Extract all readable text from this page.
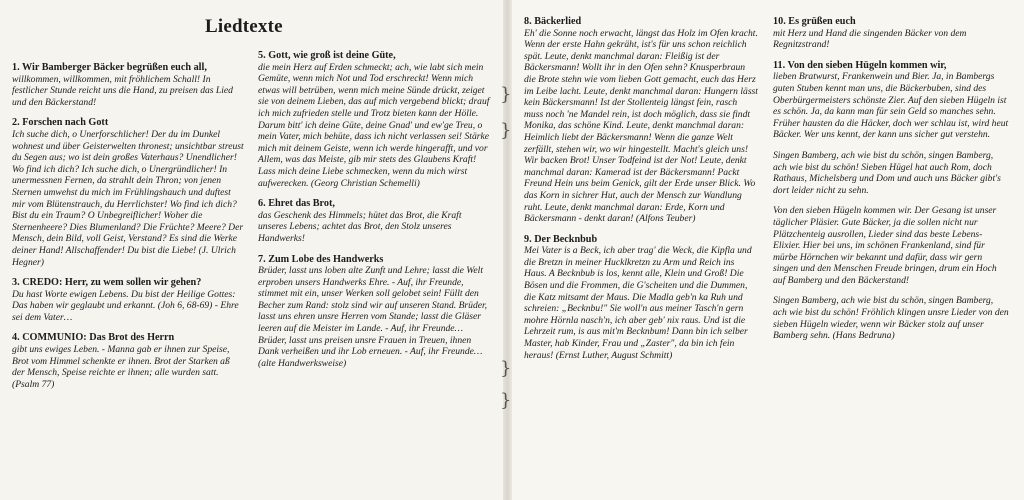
Liedtexte

1. Wir Bamberger Bäcker begrüßen euch all,

willkommen, willkommen, mit fröhlichem Schall! In festlicher Stunde reicht uns die Hand, zu preisen das Lied und den Bäckerstand!

2. Forschen nach Gott

Ich suche dich, o Unerforschlicher! Der du im Dunkel wohnest und über Geisterwelten thronest; unsichtbar streust du Segen aus; wo ist dein großes Vaterhaus? Unendlicher! Wo find ich dich? Ich suche dich, o Unergründlicher! In unermessnen Fernen, da strahlt dein Thron; von jenen Sternen umwehst du mich im Frühlingshauch und duftest mir vom Blütenstrauch, du Herrlichster! Wo find ich dich? Bist du ein Traum? O Unbegreiflicher! Woher die Sternenheere? Dies Blumenland? Die Früchte? Meere? Der Mensch, dein Bild, voll Geist, Verstand? Es sind die Werke deiner Hand! Allschaffender! Du bist die Liebe! (J. Ulrich Hegner)

3. CREDO: Herr, zu wem sollen wir gehen?

Du hast Worte ewigen Lebens. Du bist der Heilige Gottes: Das haben wir geglaubt und erkannt. (Joh 6, 68-69) - Ehre sei dem Vater…

4. COMMUNIO: Das Brot des Herrn

gibt uns ewiges Leben. - Manna gab er ihnen zur Speise, Brot vom Himmel schenkte er ihnen. Brot der Starken aß der Mensch, Speise reichte er ihnen; alle wurden satt. (Psalm 77)

5. Gott, wie groß ist deine Güte,

die mein Herz auf Erden schmeckt; ach, wie labt sich mein Gemüte, wenn mich Not und Tod erschreckt! Wenn mich etwas will betrüben, wenn mich meine Sünde drückt, zeiget sie von deinem Lieben, das auf mich vergebend blickt; drauf ich mich zufrieden stelle und Trotz bieten kann der Hölle. Darum bitt' ich deine Güte, deine Gnad' und ew'ge Treu, o mein Vater, mich behüte, dass ich nicht verlassen sei! Stärke mich mit deinem Geiste, wenn ich werde hingerafft, und vor Allem, was das Meiste, gib mir stets des Glaubens Kraft! Lass mich deine Liebe schmecken, wenn du mich wirst aufwerecken. (Georg Christian Schemelli)

6. Ehret das Brot,

das Geschenk des Himmels; hütet das Brot, die Kraft unseres Lebens; achtet das Brot, den Stolz unseres Handwerks!

7. Zum Lobe des Handwerks

Brüder, lasst uns loben alte Zunft und Lehre; lasst die Welt erproben unsers Handwerks Ehre. - Auf, ihr Freunde, stimmet mit ein, unser Werken soll gelobet sein! Füllt den Becher zum Rand: stolz sind wir auf unseren Stand. Brüder, lasst uns ehren unsre Herren vom Stande; lasst die Gläser leeren auf die Meister im Lande. - Auf, ihr Freunde… Brüder, lasst uns preisen unsre Frauen in Treuen, ihnen Dank verheißen und ihr Lob erneuen. - Auf, ihr Freunde… (alte Handwerksweise)

8. Bäckerlied

Eh' die Sonne noch erwacht, längst das Holz im Ofen kracht. Wenn der erste Hahn gekräht, ist's für uns schon reichlich spät. Leute, denkt manchmal daran: Fleißig ist der Bäckersmann! Wollt ihr in den Ofen sehn? Knusperbraun die Brote stehn wie vom lieben Gott gemacht, euch das Herz im Leibe lacht. Leute, denkt manchmal daran: Hungern lässt kein Bäckersmann! Ist der Stollenteig längst fein, rasch muss noch 'ne Mandel rein, ist doch möglich, dass sie findt Monika, das schöne Kind. Leute, denkt manchmal daran: Heimlich liebt der Bäckersmann! Wenn die ganze Welt zerfällt, stehen wir, wo wir hingestellt. Macht's gleich uns! Wir backen Brot! Unser Todfeind ist der Not! Leute, denkt manchmal daran: Kamerad ist der Bäckersmann! Packt Freund Hein uns beim Genick, gilt der Erde unser Blick. Wo das Korn in sichrer Hut, auch der Mensch zur Wandlung ruht. Leute, denkt manchmal daran: Erde, Korn und Bäckersmann - denkt daran! (Alfons Teuber)

9. Der Becknbub

Mei Vater is a Beck, ich aber trag' die Weck, die Kipfla und die Bretzn in meiner Hucklkretzn zu Arm und Reich ins Haus. A Becknbub is los, kennt alle, Klein und Groß! Die Bösen und die Frommen, die G'scheiten und die Dummen, die Katz mitsamt der Maus. Die Madla geb'n ka Ruh und schreien: „Becknbu!" Sie woll'n aus meiner Tasch'n gern mohre Hörnla nasch'n, ich aber geb' nix raus. Und ist die Lehrzeit rum, is aus mit'm Becknbum! Dann bin ich selber Master, hab Kinder, Frau und „Zaster", da bin ich fein heraus! (Ernst Luther, August Schmitt)

10. Es grüßen euch

mit Herz und Hand die singenden Bäcker von dem Regnitzstrand!

11. Von den sieben Hügeln kommen wir,

lieben Bratwurst, Frankenwein und Bier. Ja, in Bambergs guten Stuben kennt man uns, die Bäckerbuben, sind des Oberbürgermeisters schönste Zier. Auf den sieben Hügeln ist es schön. Ja, da kann man für sein Geld so manches sehn. Früher hausten da die Häcker, doch wer schlau ist, wird heut Bäcker. Wer uns kennt, der kann uns sicher gut verstehn.

Singen Bamberg, ach wie bist du schön, singen Bamberg, ach wie bist du schön! Sieben Hügel hat auch Rom, doch Rathaus, Michelsberg und Dom und auch uns Bäcker gibt's dort leider nicht zu sehn.

Von den sieben Hügeln kommen wir. Der Gesang ist unser täglicher Pläsier. Gute Bäcker, ja die sollen nicht nur Plätzchenteig ausrollen, Lieder sind das beste Lebens-Elixier. Hier bei uns, im schönen Frankenland, sind für mürbe Hörnchen wir bekannt und dafür, dass wir gern singen und den Menschen Freude bringen, drum ein Hoch auf Bamberg und den Bäckerstand!

Singen Bamberg, ach wie bist du schön, singen Bamberg, ach wie bist du schön! Fröhlich klingen unsre Lieder von den sieben Hügeln wieder, wenn wir Bäcker stolz auf unser Bamberg sehn. (Hans Bedruna)

}
}
}
}
